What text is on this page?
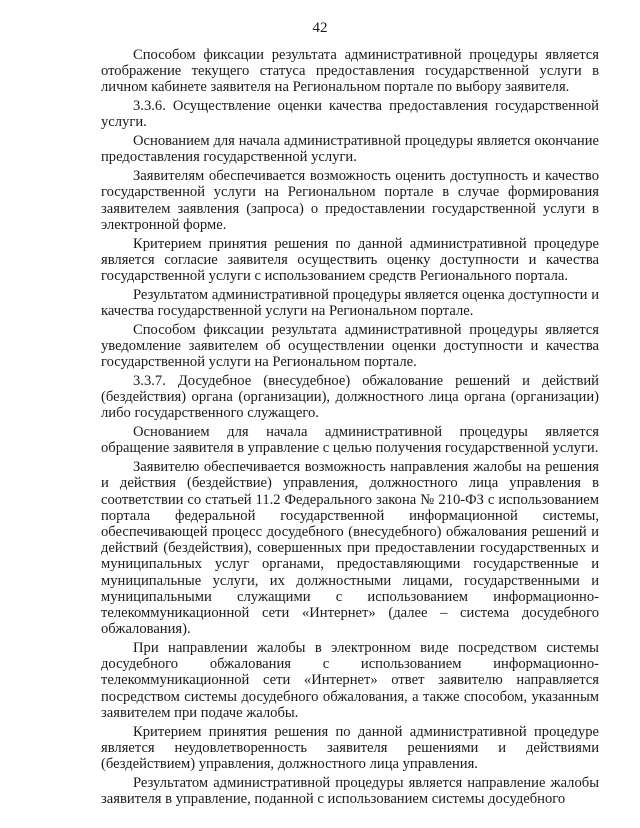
42

Способом фиксации результата административной процедуры является отображение текущего статуса предоставления государственной услуги в личном кабинете заявителя на Региональном портале по выбору заявителя.

3.3.6. Осуществление оценки качества предоставления государственной услуги.

Основанием для начала административной процедуры является окончание предоставления государственной услуги.

Заявителям обеспечивается возможность оценить доступность и качество государственной услуги на Региональном портале в случае формирования заявителем заявления (запроса) о предоставлении государственной услуги в электронной форме.

Критерием принятия решения по данной административной процедуре является согласие заявителя осуществить оценку доступности и качества государственной услуги с использованием средств Регионального портала.

Результатом административной процедуры является оценка доступности и качества государственной услуги на Региональном портале.

Способом фиксации результата административной процедуры является уведомление заявителем об осуществлении оценки доступности и качества государственной услуги на Региональном портале.

3.3.7. Досудебное (внесудебное) обжалование решений и действий (бездействия) органа (организации), должностного лица органа (организации) либо государственного служащего.

Основанием для начала административной процедуры является обращение заявителя в управление с целью получения государственной услуги.

Заявителю обеспечивается возможность направления жалобы на решения и действия (бездействие) управления, должностного лица управления в соответствии со статьей 11.2 Федерального закона № 210-ФЗ с использованием портала федеральной государственной информационной системы, обеспечивающей процесс досудебного (внесудебного) обжалования решений и действий (бездействия), совершенных при предоставлении государственных и муниципальных услуг органами, предоставляющими государственные и муниципальные услуги, их должностными лицами, государственными и муниципальными служащими с использованием информационно-телекоммуникационной сети «Интернет» (далее – система досудебного обжалования).

При направлении жалобы в электронном виде посредством системы досудебного обжалования с использованием информационно-телекоммуникационной сети «Интернет» ответ заявителю направляется посредством системы досудебного обжалования, а также способом, указанным заявителем при подаче жалобы.

Критерием принятия решения по данной административной процедуре является неудовлетворенность заявителя решениями и действиями (бездействием) управления, должностного лица управления.

Результатом административной процедуры является направление жалобы заявителя в управление, поданной с использованием системы досудебного
